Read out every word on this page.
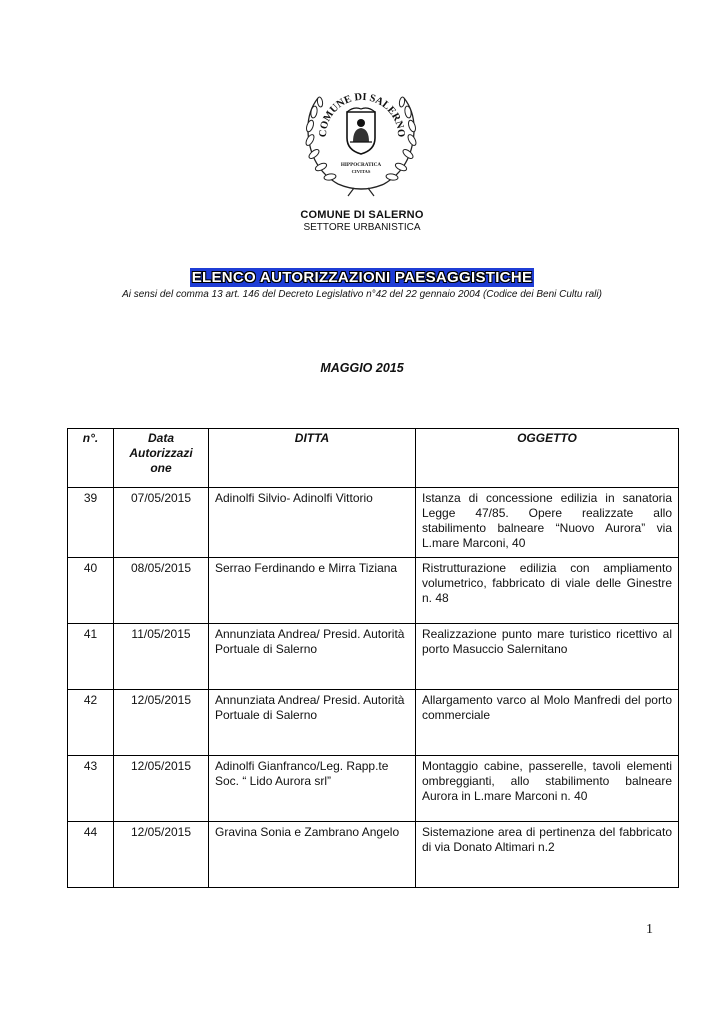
COMUNE DI SALERNO
HIPPOCRATICA
CIVITAS
COMUNE DI SALERNO
SETTORE URBANISTICA
ELENCO AUTORIZZAZIONI PAESAGGISTICHE
Ai sensi del comma 13 art. 146 del Decreto Legislativo n°42 del 22 gennaio 2004 (Codice dei Beni Cultu rali)
MAGGIO 2015
n°.	Data Autorizzazi one	DITTA	OGGETTO
39	07/05/2015	Adinolfi Silvio- Adinolfi Vittorio	Istanza di concessione edilizia in sanatoria Legge 47/85. Opere realizzate allo stabilimento balneare “Nuovo Aurora” via L.mare Marconi, 40
40	08/05/2015	Serrao Ferdinando e Mirra Tiziana	Ristrutturazione edilizia con ampliamento volumetrico, fabbricato di viale delle Ginestre n. 48
41	11/05/2015	Annunziata Andrea/ Presid. Autorità Portuale di Salerno	Realizzazione punto mare turistico ricettivo al porto Masuccio Salernitano
42	12/05/2015	Annunziata Andrea/ Presid. Autorità Portuale di Salerno	Allargamento varco al Molo Manfredi del porto commerciale
43	12/05/2015	Adinolfi Gianfranco/Leg. Rapp.te Soc. “ Lido Aurora srl”	Montaggio cabine, passerelle, tavoli elementi ombreggianti, allo stabilimento balneare Aurora in L.mare Marconi n. 40
44	12/05/2015	Gravina Sonia e Zambrano Angelo	Sistemazione area di pertinenza del fabbricato di via Donato Altimari n.2
1
